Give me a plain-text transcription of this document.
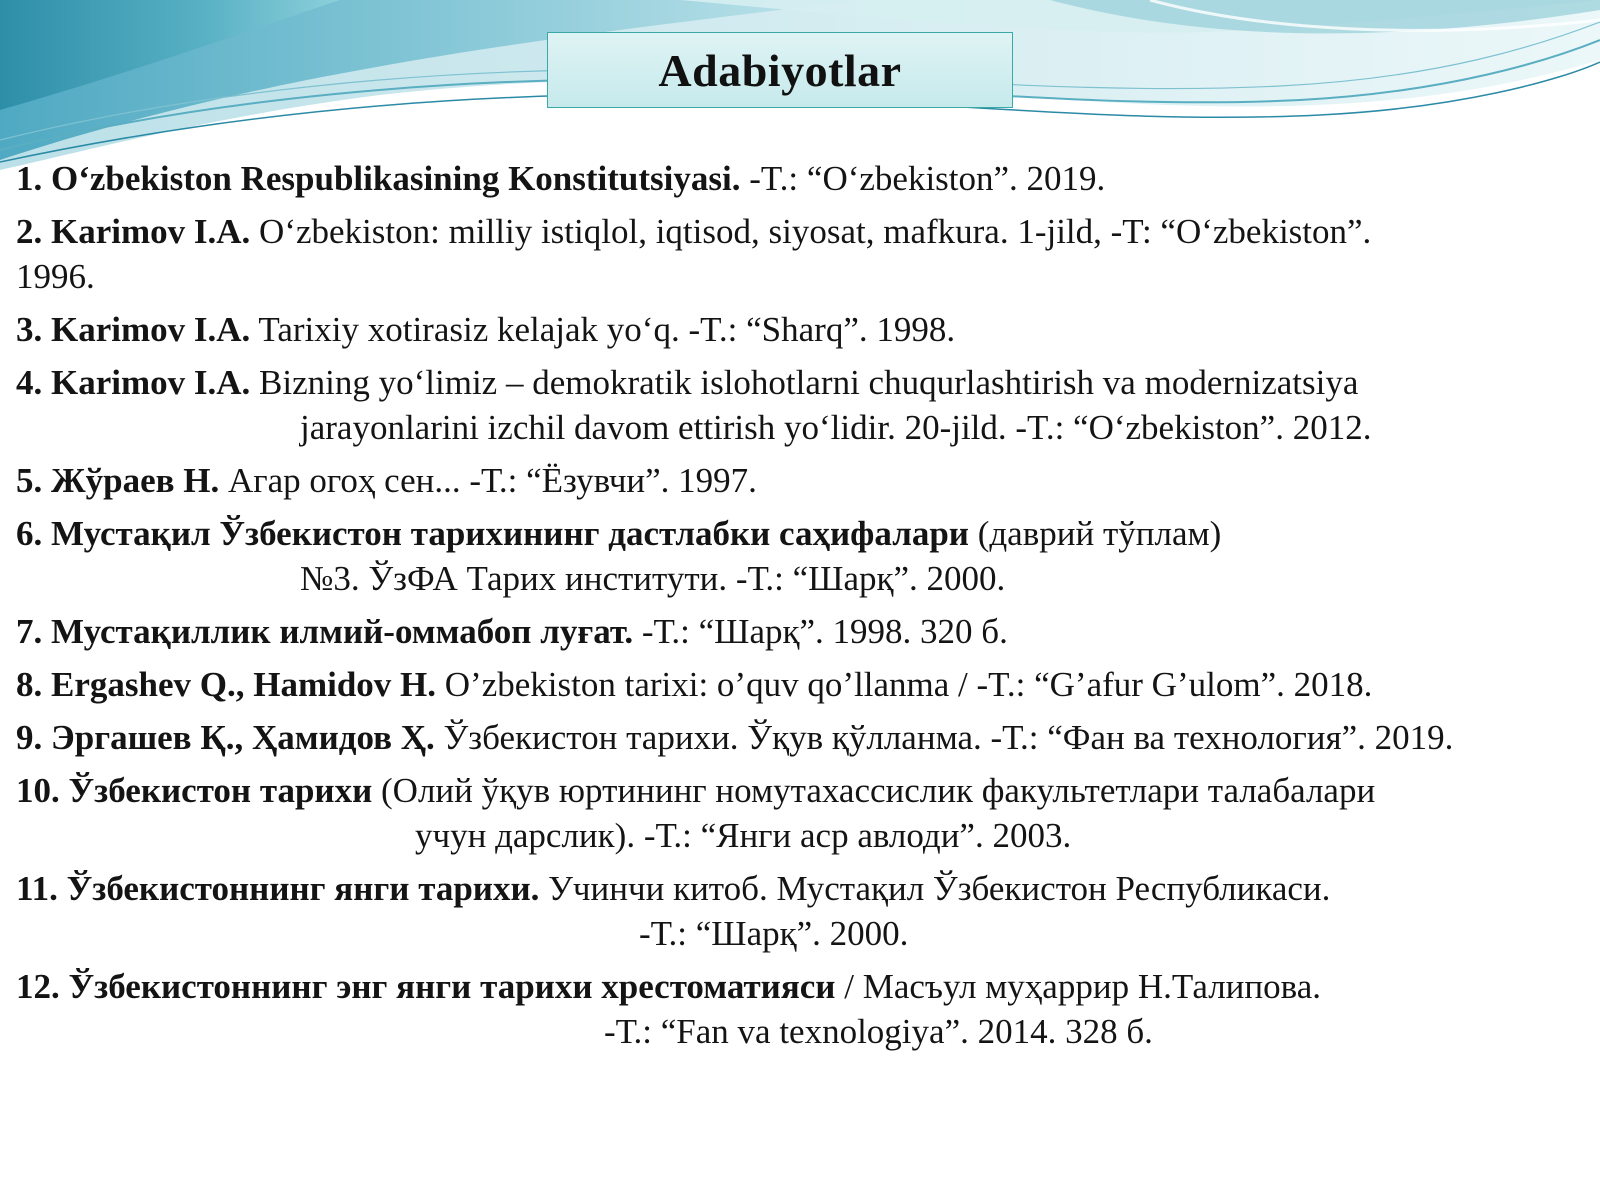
Adabiyotlar
1. O‘zbekiston Respublikasining Konstitutsiyasi. -T.: “O‘zbekiston”. 2019.
2. Karimov I.A. O‘zbekiston: milliy istiqlol, iqtisod, siyosat, mafkura. 1-jild, -T: “O‘zbekiston”.
1996.
3. Karimov I.A. Tarixiy xotirasiz kelajak yo‘q. -T.: “Sharq”. 1998.
4. Karimov I.A. Bizning yo‘limiz – demokratik islohotlarni chuqurlashtirish va modernizatsiya
jarayonlarini izchil davom ettirish yo‘lidir. 20-jild. -T.: “O‘zbekiston”. 2012.
5. Жўраев Н. Агар огоҳ сен... -Т.: “Ёзувчи”. 1997.
6. Мустақил Ўзбекистон тарихининг дастлабки саҳифалари (даврий тўплам)
№3. ЎзФА Тарих институти. -Т.: “Шарқ”. 2000.
7. Мустақиллик илмий-оммабоп луғат. -Т.: “Шарқ”. 1998. 320 б.
8. Ergashev Q., Hamidov H. O’zbekiston tarixi: o’quv qo’llanma / -T.: “G’afur G’ulom”. 2018.
9. Эргашев Қ., Ҳамидов Ҳ. Ўзбекистон тарихи. Ўқув қўлланма. -Т.: “Фан ва технология”. 2019.
10. Ўзбекистон тарихи (Олий ўқув юртининг номутахассислик факультетлари талабалари
учун дарслик). -Т.: “Янги аср авлоди”. 2003.
11. Ўзбекистоннинг янги тарихи. Учинчи китоб. Мустақил Ўзбекистон Республикаси.
-Т.: “Шарқ”. 2000.
12. Ўзбекистоннинг энг янги тарихи хрестоматияси / Масъул муҳаррир Н.Талипова.
-Т.: “Fan va texnologiya”. 2014. 328 б.
